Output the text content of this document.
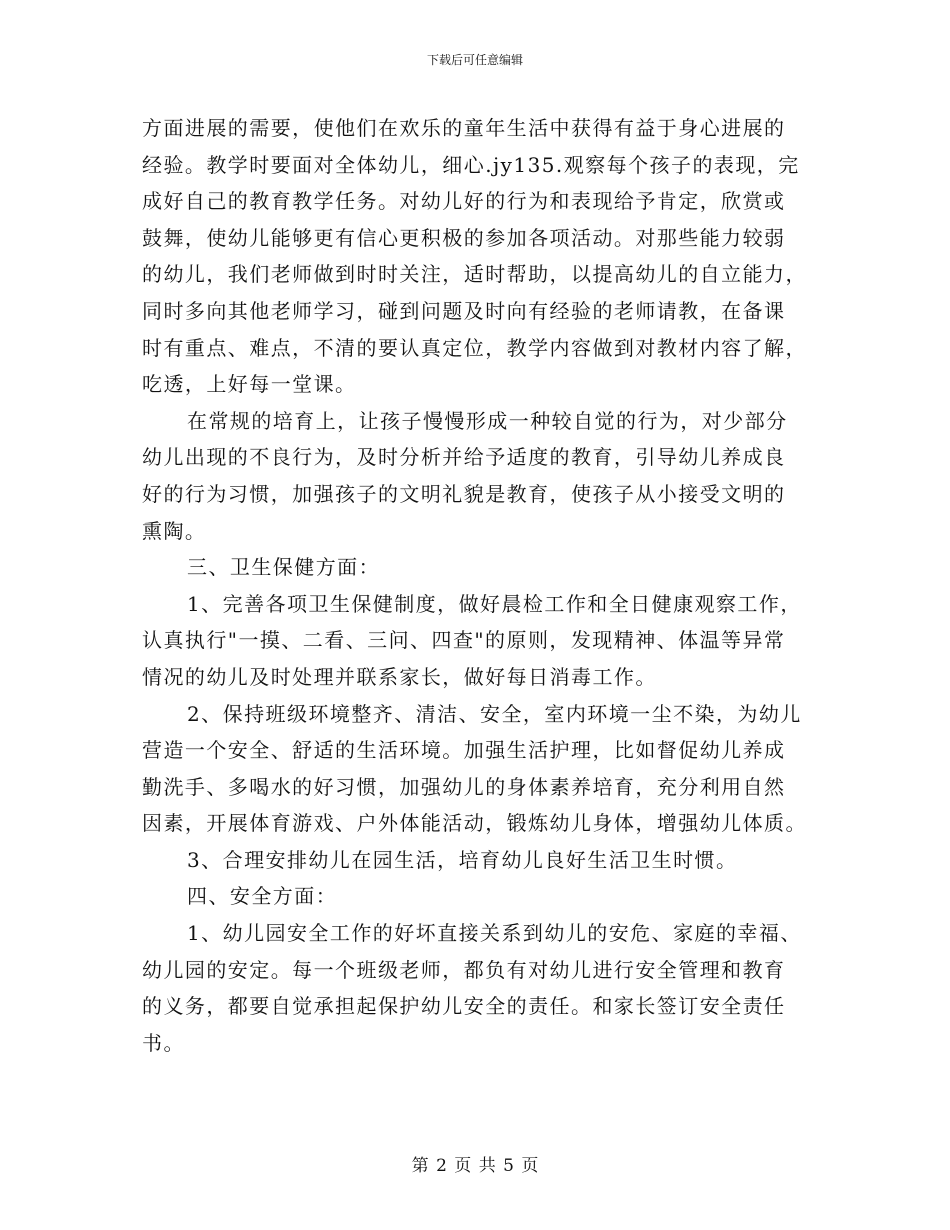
下载后可任意编辑

方面进展的需要，使他们在欢乐的童年生活中获得有益于身心进展的

经验。教学时要面对全体幼儿，细心.jy135.观察每个孩子的表现，完

成好自己的教育教学任务。对幼儿好的行为和表现给予肯定，欣赏或

鼓舞，使幼儿能够更有信心更积极的参加各项活动。对那些能力较弱

的幼儿，我们老师做到时时关注，适时帮助，以提高幼儿的自立能力，

同时多向其他老师学习，碰到问题及时向有经验的老师请教，在备课

时有重点、难点，不清的要认真定位，教学内容做到对教材内容了解，

吃透，上好每一堂课。

在常规的培育上，让孩子慢慢形成一种较自觉的行为，对少部分

幼儿出现的不良行为，及时分析并给予适度的教育，引导幼儿养成良

好的行为习惯，加强孩子的文明礼貌是教育，使孩子从小接受文明的

熏陶。

三、卫生保健方面：

1、完善各项卫生保健制度，做好晨检工作和全日健康观察工作，

认真执行"一摸、二看、三问、四查"的原则，发现精神、体温等异常

情况的幼儿及时处理并联系家长，做好每日消毒工作。

2、保持班级环境整齐、清洁、安全，室内环境一尘不染，为幼儿

营造一个安全、舒适的生活环境。加强生活护理，比如督促幼儿养成

勤洗手、多喝水的好习惯，加强幼儿的身体素养培育，充分利用自然

因素，开展体育游戏、户外体能活动，锻炼幼儿身体，增强幼儿体质。

3、合理安排幼儿在园生活，培育幼儿良好生活卫生时惯。

四、安全方面：

1、幼儿园安全工作的好坏直接关系到幼儿的安危、家庭的幸福、

幼儿园的安定。每一个班级老师，都负有对幼儿进行安全管理和教育

的义务，都要自觉承担起保护幼儿安全的责任。和家长签订安全责任

书。

第 2 页 共 5 页
